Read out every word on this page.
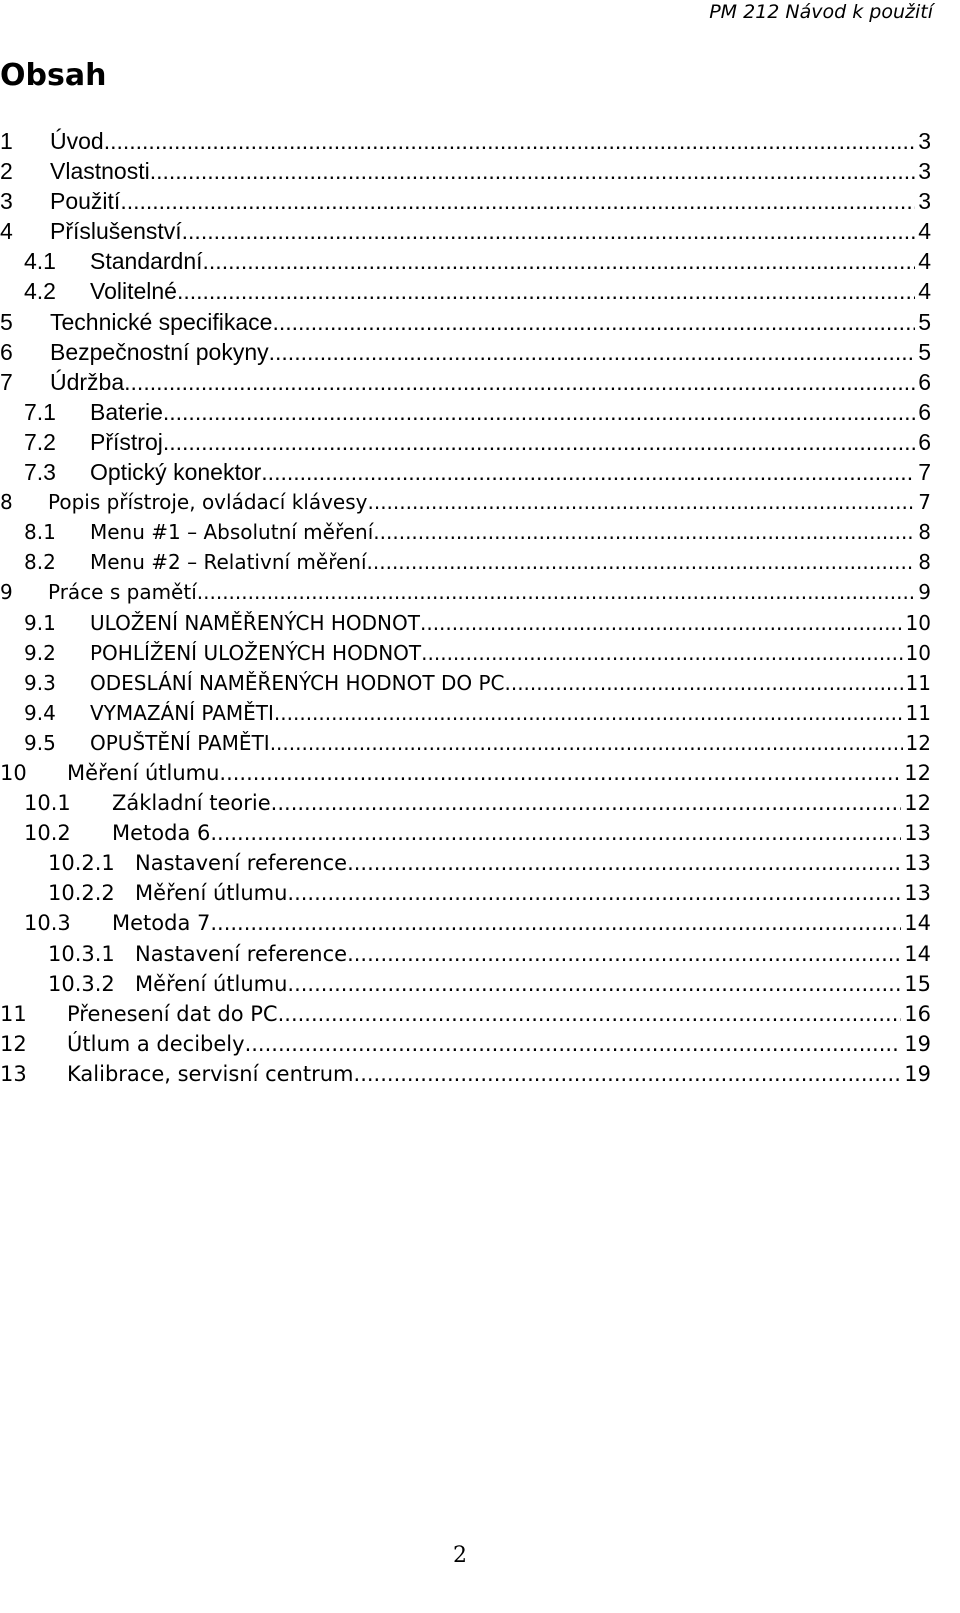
PM 212 Návod k použití
Obsah
1 Úvod .....	3
2 Vlastnosti .....	3
3 Použití .....	3
4 Příslušenství .....	4
4.1 Standardní .....	4
4.2 Volitelné .....	4
5 Technické specifikace .....	5
6 Bezpečnostní pokyny .....	5
7 Údržba .....	6
7.1 Baterie .....	6
7.2 Přístroj .....	6
7.3 Optický konektor .....	7
8 Popis přístroje, ovládací klávesy .....	7
8.1 Menu #1 – Absolutní měření .....	8
8.2 Menu #2 – Relativní měření .....	8
9 Práce s pamětí .....	9
9.1 ULOŽENÍ NAMĚŘENÝCH HODNOT .....	10
9.2 POHLÍŽENÍ ULOŽENÝCH HODNOT .....	10
9.3 ODESLÁNÍ NAMĚŘENÝCH HODNOT DO PC .....	11
9.4 VYMAZÁNÍ PAMĚTI .....	11
9.5 OPUŠTĚNÍ PAMĚTI .....	12
10 Měření útlumu .....	12
10.1 Základní teorie .....	12
10.2 Metoda 6 .....	13
10.2.1 Nastavení reference .....	13
10.2.2 Měření útlumu .....	13
10.3 Metoda 7 .....	14
10.3.1 Nastavení reference .....	14
10.3.2 Měření útlumu .....	15
11 Přenesení dat do PC .....	16
12 Útlum a decibely .....	19
13 Kalibrace, servisní centrum .....	19
2
